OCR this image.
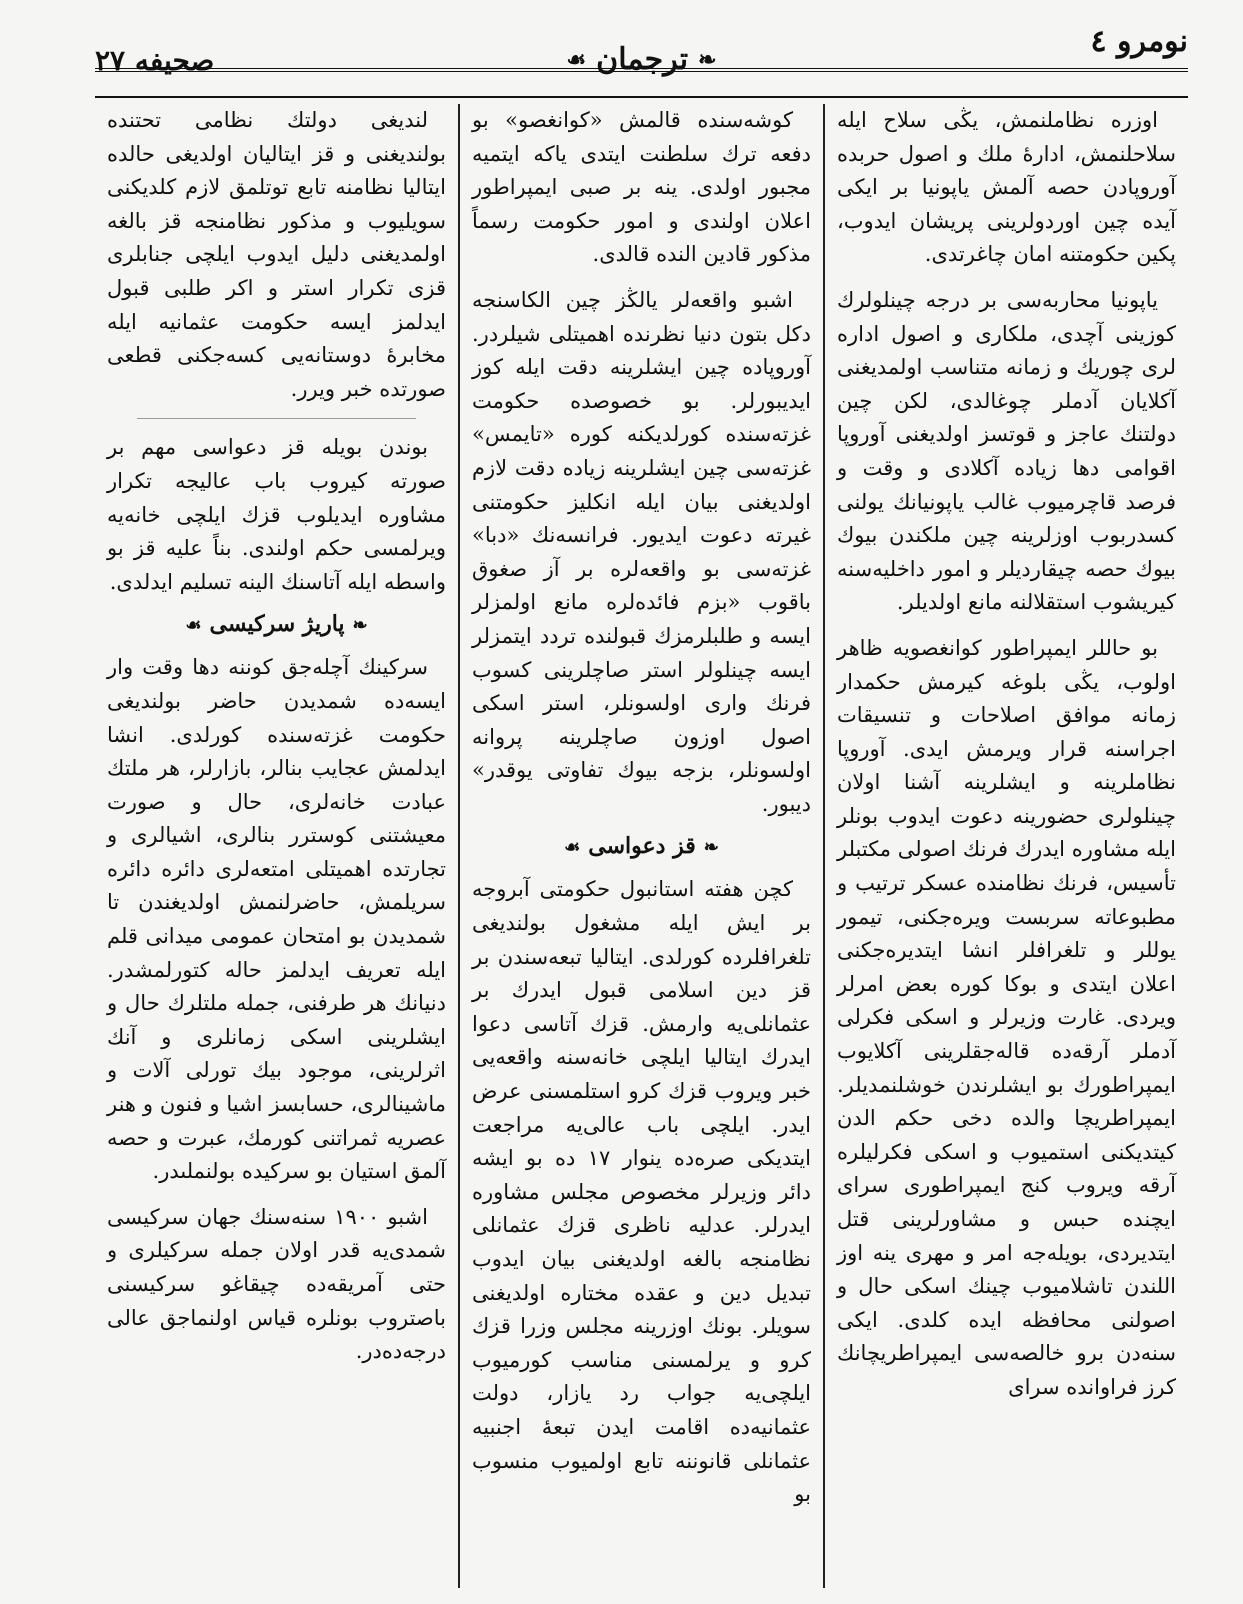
نومرو ٤
❧
ترجمان
☙
صحيفه ٢٧

اوزره نظاملنمش، يڭى سلاح ايله سلاحلنمش، ادارۀ ملك و اصول حربده آوروپادن حصه آلمش ياپونيا بر ايكى آيده چين اوردولرينى پريشان ايدوب، پكين حكومتنه امان چاغرتدى.

ياپونيا محاربه‌سى بر درجه چينلولرك كوزينى آچدى، ملكارى و اصول اداره لرى چوريك و زمانه متناسب اولمديغنى آكلايان آدملر چوغالدى، لكن چين دولتنك عاجز و قوتسز اولديغنى آوروپا اقوامى دها زياده آكلادى و وقت و فرصد قاچرميوب غالب ياپونيانك يولنى كسدربوب اوزلرينه چين ملكندن بيوك بيوك حصه چيقارديلر و امور داخليه‌سنه كيريشوب استقلالنه مانع اولديلر.

بو حاللر ايمپراطور كوانغصويه ظاهر اولوب، يڭى بلوغه كيرمش حكمدار زمانه موافق اصلاحات و تنسيقات اجراسنه قرار ويرمش ايدى. آوروپا نظاملرينه و ايشلرينه آشنا اولان چينلولرى حضورينه دعوت ايدوب بونلر ايله مشاوره ايدرك فرنك اصولى مكتبلر تأسيس، فرنك نظامنده عسكر ترتيب و مطبوعاته سربست ويره‌جكنى، تيمور يوللر و تلغرافلر انشا ايتديره‌جكنى اعلان ايتدى و بوكا كوره بعض امرلر ويردى. غارت وزيرلر و اسكى فكرلى آدملر آرقه‌ده قاله‌جقلرينى آكلايوب ايمپراطورك بو ايشلرندن خوشلنمديلر. ايمپراطريچا والده دخى حكم الدن كيتديكنى استميوب و اسكى فكرليلره آرقه ويروب كنج ايمپراطورى سراى ايچنده حبس و مشاورلرينى قتل ايتديردى، بويله‌جه امر و مهرى ينه اوز اللندن تاشلاميوب چينك اسكى حال و اصولنى محافظه ايده كلدى. ايكى سنه‌دن برو خالصه‌سى ايمپراطريچانك كرز فراوانده سراى

كوشه‌سنده قالمش «كوانغصو» بو دفعه ترك سلطنت ايتدى ياكه ايتميه مجبور اولدى. ينه بر صبى ايمپراطور اعلان اولندى و امور حكومت رسماً مذكور قادين النده قالدى.

اشبو واقعه‌لر يالڭز چين الكاسنجه دكل بتون دنيا نظرنده اهميتلى شيلردر. آوروپاده چين ايشلرينه دقت ايله كوز ايديبورلر. بو خصوصده حكومت غزته‌سنده كورلديكنه كوره «تايمس» غزته‌سى چين ايشلرينه زياده دقت لازم اولديغنى بيان ايله انكليز حكومتنى غيرته دعوت ايديور. فرانسه‌نك «دبا» غزته‌سى بو واقعه‌لره بر آز صغوق باقوب «بزم فائده‌لره مانع اولمزلر ايسه و طلبلرمزك قبولنده تردد ايتمزلر ايسه چينلولر استر صاچلرينى كسوب فرنك وارى اولسونلر، استر اسكى اصول اوزون صاچلرينه پروانه اولسونلر، بزجه بيوك تفاوتى يوقدر» ديبور.

❧قز دعواسى☙

كچن هفته استانبول حكومتى آبروجه بر ايش ايله مشغول بولنديغى تلغرافلرده كورلدى. ايتاليا تبعه‌سندن بر قز دين اسلامى قبول ايدرك بر عثمانلى‌يه وارمش. قزك آتاسى دعوا ايدرك ايتاليا ايلچى خانه‌سنه واقعه‌يى خبر ويروب قزك كرو استلمسنى عرض ايدر. ايلچى باب عالى‌يه مراجعت ايتديكى صره‌ده ينوار ١٧ ده بو ايشه دائر وزيرلر مخصوص مجلس مشاوره ايدرلر. عدليه ناظرى قزك عثمانلى نظامنجه بالغه اولديغنى بيان ايدوب تبديل دين و عقده مختاره اولديغنى سويلر. بونك اوزرينه مجلس وزرا قزك كرو و يرلمسنى مناسب كورميوب ايلچى‌يه جواب رد يازار، دولت عثمانيه‌ده اقامت ايدن تبعۀ اجنبيه عثمانلى قانوننه تابع اولميوب منسوب بو

لنديغى دولتك نظامى تحتنده بولنديغنى و قز ايتاليان اولديغى حالده ايتاليا نظامنه تابع توتلمق لازم كلديكنى سويليوب و مذكور نظامنجه قز بالغه اولمديغنى دليل ايدوب ايلچى جنابلرى قزى تكرار استر و اكر طلبى قبول ايدلمز ايسه حكومت عثمانيه ايله مخابرۀ دوستانه‌يى كسه‌جكنى قطعى صورتده خبر ويرر.

بوندن بويله قز دعواسى مهم بر صورته كيروب باب عاليجه تكرار مشاوره ايديلوب قزك ايلچى خانه‌يه ويرلمسى حكم اولندى. بناً عليه قز بو واسطه ايله آتاسنك الينه تسليم ايدلدى.

❧پاريژ سركيسى☙

سركينك آچلەجق كوننه دها وقت وار ايسه‌ده شمديدن حاضر بولنديغى حكومت غزته‌سنده كورلدى. انشا ايدلمش عجايب بنالر، بازارلر، هر ملتك عبادت خانه‌لرى، حال و صورت معيشتنى كوسترر بنالرى، اشيالرى و تجارتده اهميتلى امتعه‌لرى دائره دائره سريلمش، حاضرلنمش اولديغندن تا شمديدن بو امتحان عمومى ميدانى قلم ايله تعريف ايدلمز حاله كتورلمشدر. دنيانك هر طرفنى، جمله ملتلرك حال و ايشلرينى اسكى زمانلرى و آنك اثرلرينى، موجود بيك تورلى آلات و ماشينالرى، حسابسز اشيا و فنون و هنر عصريه ثمراتنى كورمك، عبرت و حصه آلمق استيان بو سركيده بولنملىدر.

اشبو ١٩٠٠ سنه‌سنك جهان سركيسى شمدى‌يه قدر اولان جمله سركيلرى و حتى آمريقه‌ده چيقاغو سركيسنى باصتروب بونلره قياس اولنماجق عالى درجه‌ده‌در.
